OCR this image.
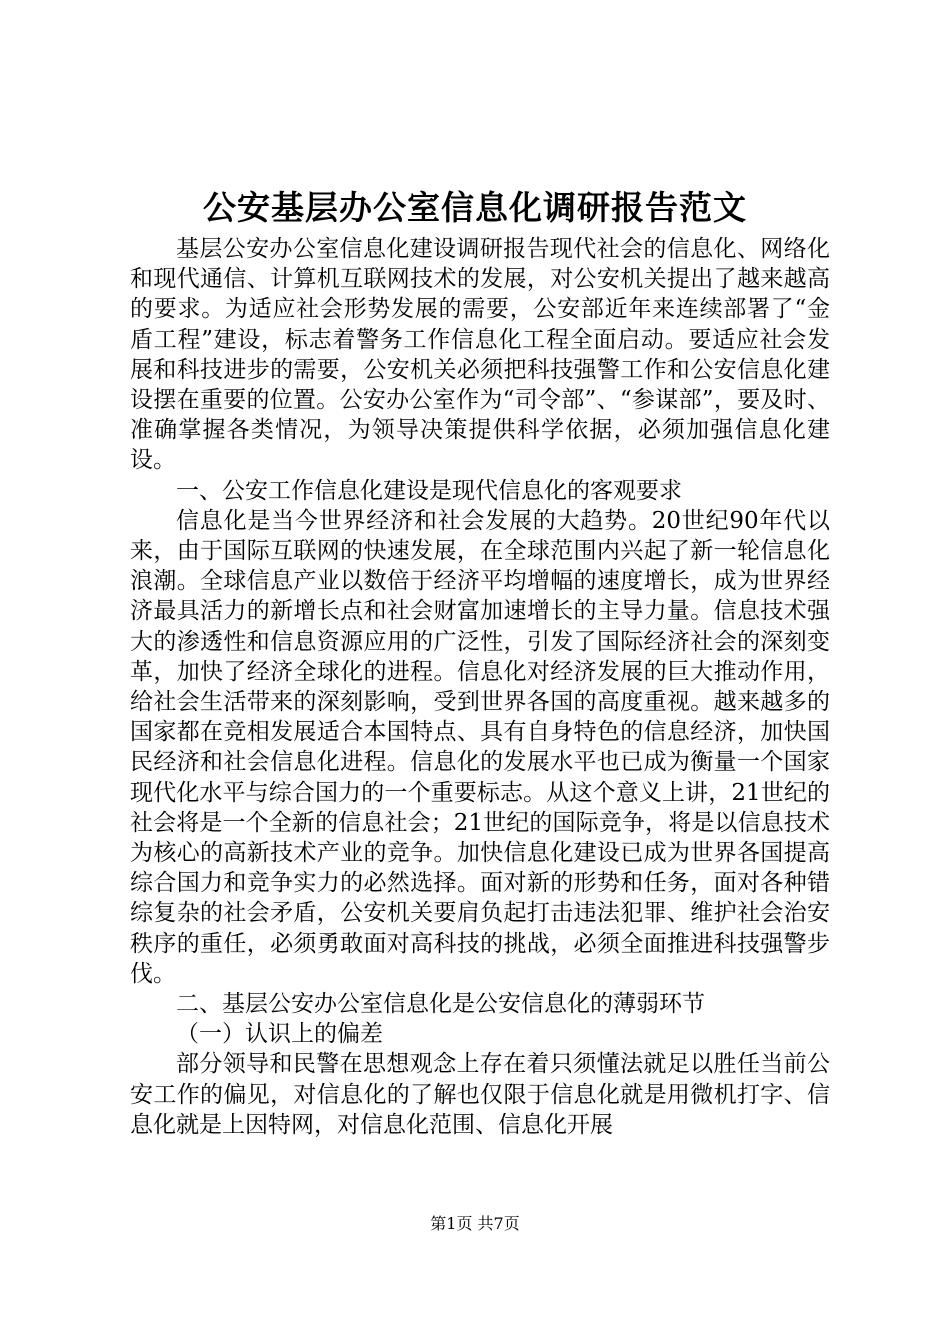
公安基层办公室信息化调研报告范文

基层公安办公室信息化建设调研报告现代社会的信息化、网络化和现代通信、计算机互联网技术的发展，对公安机关提出了越来越高的要求。为适应社会形势发展的需要，公安部近年来连续部署了“金盾工程”建设，标志着警务工作信息化工程全面启动。要适应社会发展和科技进步的需要，公安机关必须把科技强警工作和公安信息化建设摆在重要的位置。公安办公室作为“司令部”、“参谋部”，要及时、准确掌握各类情况，为领导决策提供科学依据，必须加强信息化建设。

一、公安工作信息化建设是现代信息化的客观要求

信息化是当今世界经济和社会发展的大趋势。20世纪90年代以来，由于国际互联网的快速发展，在全球范围内兴起了新一轮信息化浪潮。全球信息产业以数倍于经济平均增幅的速度增长，成为世界经济最具活力的新增长点和社会财富加速增长的主导力量。信息技术强大的渗透性和信息资源应用的广泛性，引发了国际经济社会的深刻变革，加快了经济全球化的进程。信息化对经济发展的巨大推动作用，给社会生活带来的深刻影响，受到世界各国的高度重视。越来越多的国家都在竞相发展适合本国特点、具有自身特色的信息经济，加快国民经济和社会信息化进程。信息化的发展水平也已成为衡量一个国家现代化水平与综合国力的一个重要标志。从这个意义上讲，21世纪的社会将是一个全新的信息社会；21世纪的国际竞争，将是以信息技术为核心的高新技术产业的竞争。加快信息化建设已成为世界各国提高综合国力和竞争实力的必然选择。面对新的形势和任务，面对各种错综复杂的社会矛盾，公安机关要肩负起打击违法犯罪、维护社会治安秩序的重任，必须勇敢面对高科技的挑战，必须全面推进科技强警步伐。

二、基层公安办公室信息化是公安信息化的薄弱环节

（一）认识上的偏差

部分领导和民警在思想观念上存在着只须懂法就足以胜任当前公安工作的偏见，对信息化的了解也仅限于信息化就是用微机打字、信息化就是上因特网，对信息化范围、信息化开展

第1页 共7页
